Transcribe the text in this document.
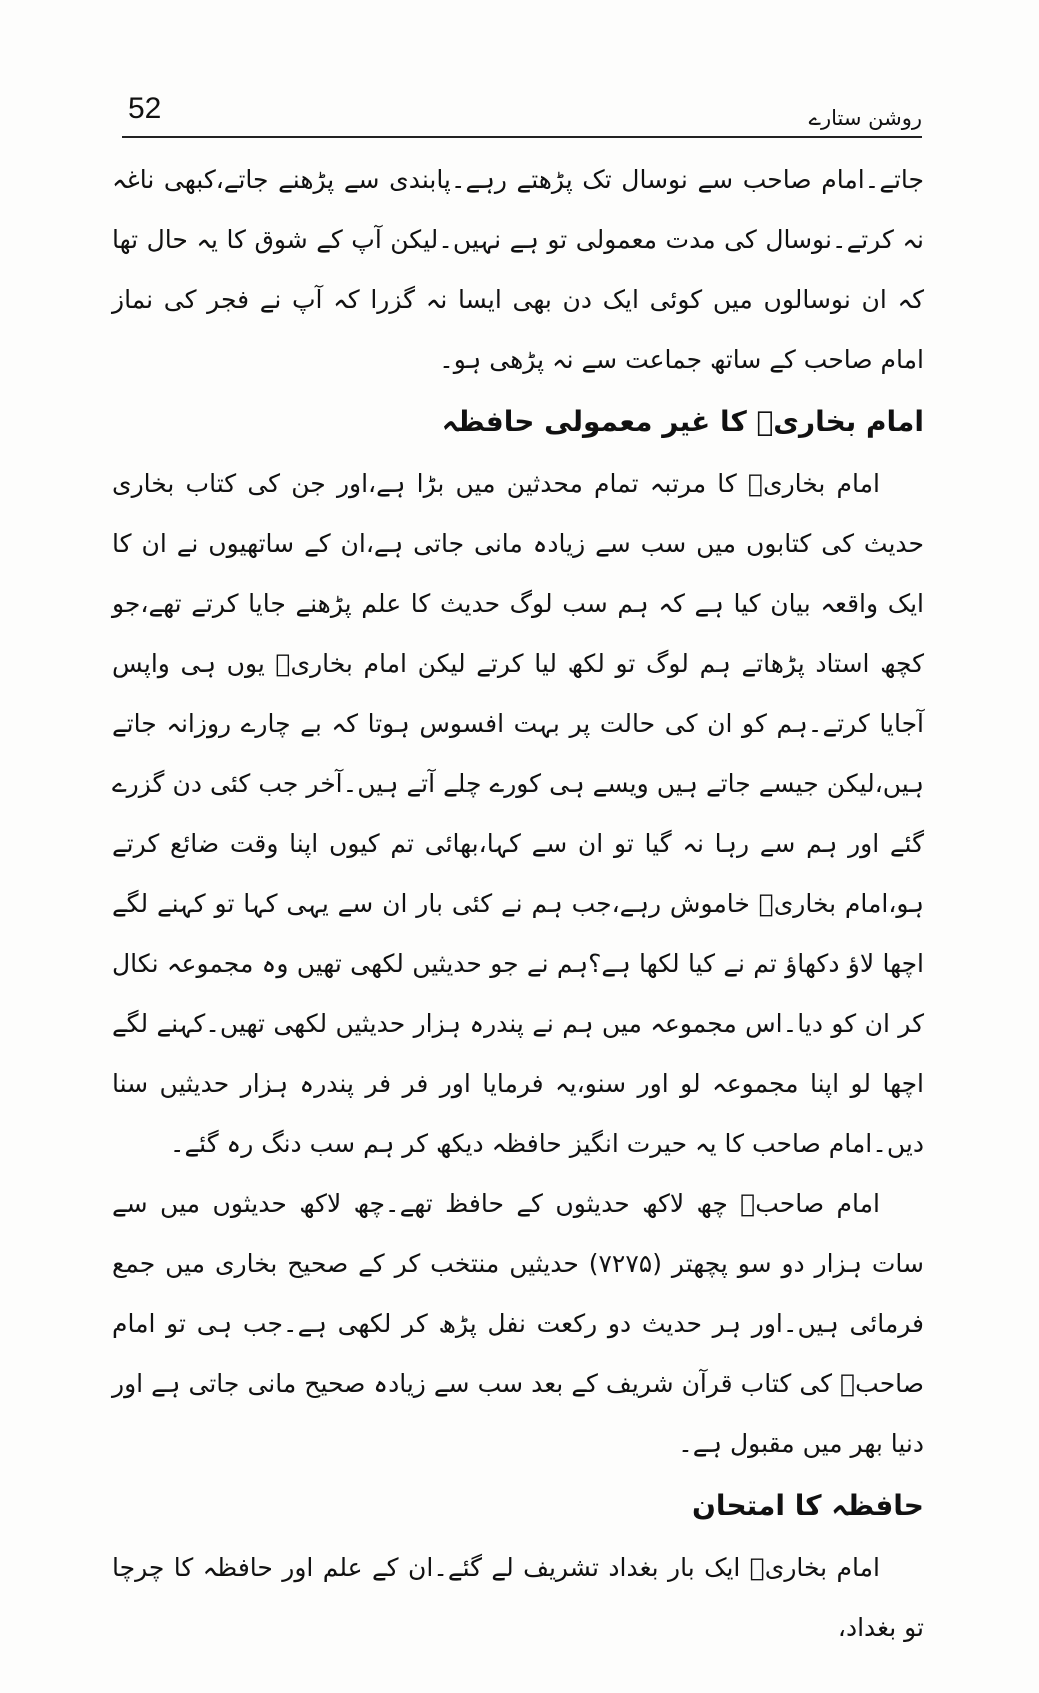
52	روشن ستارے

جاتے۔امام صاحب سے نوسال تک پڑھتے رہے۔پابندی سے پڑھنے جاتے،کبھی ناغہ نہ کرتے۔نوسال کی مدت معمولی تو ہے نہیں۔لیکن آپ کے شوق کا یہ حال تھا کہ ان نوسالوں میں کوئی ایک دن بھی ایسا نہ گزرا کہ آپ نے فجر کی نماز امام صاحب کے ساتھ جماعت سے نہ پڑھی ہو۔

امام بخاریؒ کا غیر معمولی حافظہ

امام بخاریؒ کا مرتبہ تمام محدثین میں بڑا ہے،اور جن کی کتاب بخاری حدیث کی کتابوں میں سب سے زیادہ مانی جاتی ہے،ان کے ساتھیوں نے ان کا ایک واقعہ بیان کیا ہے کہ ہم سب لوگ حدیث کا علم پڑھنے جایا کرتے تھے،جو کچھ استاد پڑھاتے ہم لوگ تو لکھ لیا کرتے لیکن امام بخاریؒ یوں ہی واپس آجایا کرتے۔ہم کو ان کی حالت پر بہت افسوس ہوتا کہ بے چارے روزانہ جاتے ہیں،لیکن جیسے جاتے ہیں ویسے ہی کورے چلے آتے ہیں۔آخر جب کئی دن گزرے گئے اور ہم سے رہا نہ گیا تو ان سے کہا،بھائی تم کیوں اپنا وقت ضائع کرتے ہو،امام بخاریؒ خاموش رہے،جب ہم نے کئی بار ان سے یہی کہا تو کہنے لگے اچھا لاؤ دکھاؤ تم نے کیا لکھا ہے؟ہم نے جو حدیثیں لکھی تھیں وہ مجموعہ نکال کر ان کو دیا۔اس مجموعہ میں ہم نے پندرہ ہزار حدیثیں لکھی تھیں۔کہنے لگے اچھا لو اپنا مجموعہ لو اور سنو،یہ فرمایا اور فر فر پندرہ ہزار حدیثیں سنا دیں۔امام صاحب کا یہ حیرت انگیز حافظہ دیکھ کر ہم سب دنگ رہ گئے۔

امام صاحبؒ چھ لاکھ حدیثوں کے حافظ تھے۔چھ لاکھ حدیثوں میں سے سات ہزار دو سو پچھتر (۷۲۷۵) حدیثیں منتخب کر کے صحیح بخاری میں جمع فرمائی ہیں۔اور ہر حدیث دو رکعت نفل پڑھ کر لکھی ہے۔جب ہی تو امام صاحبؒ کی کتاب قرآن شریف کے بعد سب سے زیادہ صحیح مانی جاتی ہے اور دنیا بھر میں مقبول ہے۔

حافظہ کا امتحان

امام بخاریؒ ایک بار بغداد تشریف لے گئے۔ان کے علم اور حافظہ کا چرچا تو بغداد،
